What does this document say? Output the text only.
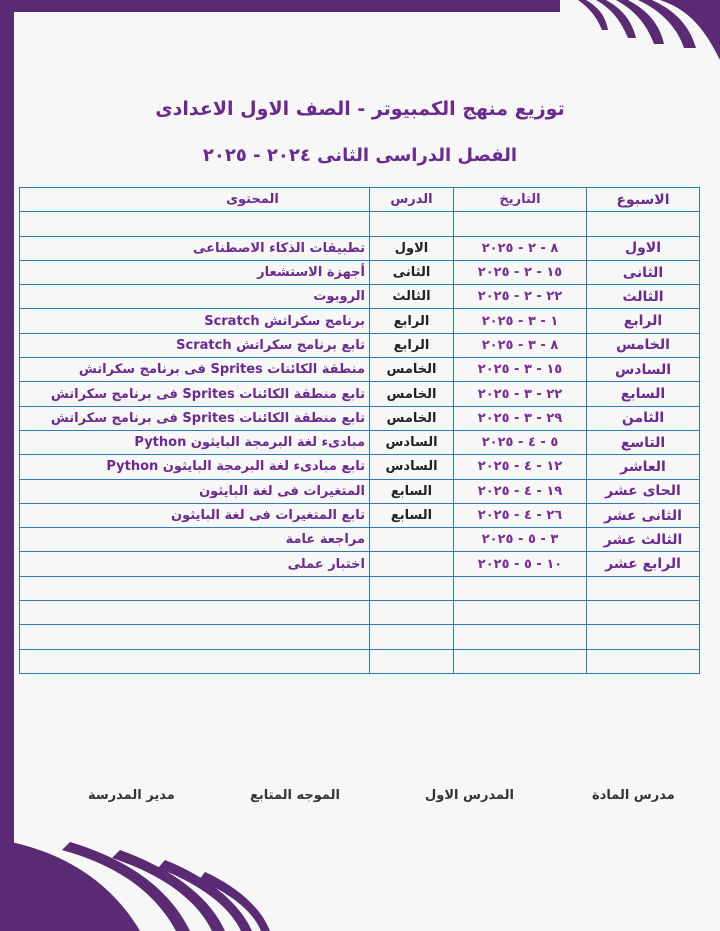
توزيع منهج الكمبيوتر - الصف الاول الاعدادى
الفصل الدراسى الثانى ٢٠٢٤ - ٢٠٢٥
الاسبوع	التاريخ	الدرس	المحتوى

الاول	٨ - ٢ - ٢٠٢٥	الاول	تطبيقات الذكاء الاصطناعى
الثانى	١٥ - ٢ - ٢٠٢٥	الثانى	أجهزة الاستشعار
الثالث	٢٢ - ٢ - ٢٠٢٥	الثالث	الروبوت
الرابع	١ - ٣ - ٢٠٢٥	الرابع	برنامج سكراتش Scratch
الخامس	٨ - ٣ - ٢٠٢٥	الرابع	تابع برنامج سكراتش Scratch
السادس	١٥ - ٣ - ٢٠٢٥	الخامس	منطقة الكائنات Sprites فى برنامج سكراتش
السابع	٢٢ - ٣ - ٢٠٢٥	الخامس	تابع منطقة الكائنات Sprites فى برنامج سكراتش
الثامن	٢٩ - ٣ - ٢٠٢٥	الخامس	تابع منطقة الكائنات Sprites فى برنامج سكراتش
التاسع	٥ - ٤ - ٢٠٢٥	السادس	مبادىء لغة البرمجة البايثون Python
العاشر	١٢ - ٤ - ٢٠٢٥	السادس	تابع مبادىء لغة البرمجة البايثون Python
الحاى عشر	١٩ - ٤ - ٢٠٢٥	السابع	المتغيرات فى لغة البايثون
الثانى عشر	٢٦ - ٤ - ٢٠٢٥	السابع	تابع المتغيرات فى لغة البايثون
الثالث عشر	٣ - ٥ - ٢٠٢٥		مراجعة عامة
الرابع عشر	١٠ - ٥ - ٢٠٢٥		اختبار عملى

مدرس المادة
المدرس الاول
الموجه المتابع
مدير المدرسة
